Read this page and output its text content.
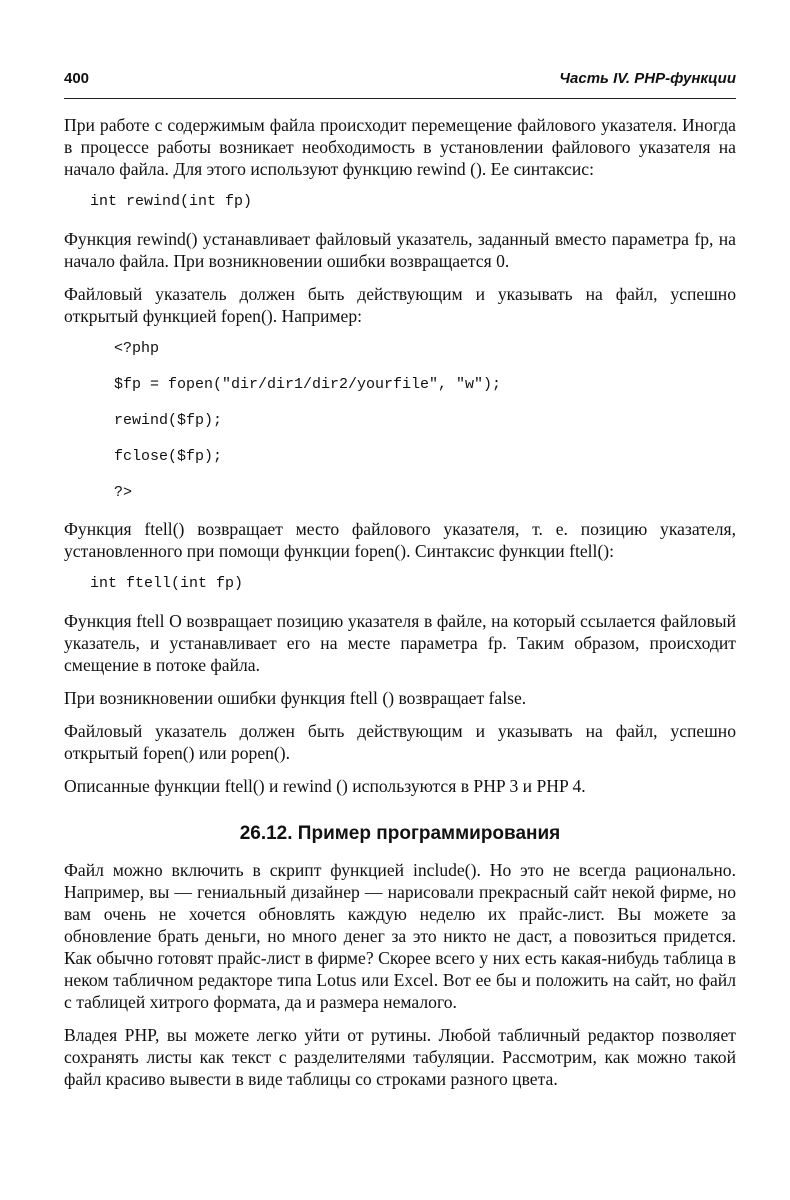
400	Часть IV. PHP-функции

При работе с содержимым файла происходит перемещение файлового указателя. Иногда в процессе работы возникает необходимость в установлении файлового указателя на начало файла. Для этого используют функцию rewind (). Ее синтаксис:

int rewind(int fp)

Функция rewind() устанавливает файловый указатель, заданный вместо параметра fp, на начало файла. При возникновении ошибки возвращается 0.

Файловый указатель должен быть действующим и указывать на файл, успешно открытый функцией fopen(). Например:

<?php
$fp = fopen("dir/dir1/dir2/yourfile", "w");
rewind($fp);
fclose($fp);
?>

Функция ftell() возвращает место файлового указателя, т. е. позицию указателя, установленного при помощи функции fopen(). Синтаксис функции ftell():

int ftell(int fp)

Функция ftell О возвращает позицию указателя в файле, на который ссылается файловый указатель, и устанавливает его на месте параметра fp. Таким образом, происходит смещение в потоке файла.

При возникновении ошибки функция ftell () возвращает false.

Файловый указатель должен быть действующим и указывать на файл, успешно открытый fopen() или popen().

Описанные функции ftell() и rewind () используются в PHP 3 и PHP 4.

26.12. Пример программирования

Файл можно включить в скрипт функцией include(). Но это не всегда рационально. Например, вы — гениальный дизайнер — нарисовали прекрасный сайт некой фирме, но вам очень не хочется обновлять каждую неделю их прайс-лист. Вы можете за обновление брать деньги, но много денег за это никто не даст, а повозиться придется. Как обычно готовят прайс-лист в фирме? Скорее всего у них есть какая-нибудь таблица в неком табличном редакторе типа Lotus или Excel. Вот ее бы и положить на сайт, но файл с таблицей хитрого формата, да и размера немалого.

Владея PHP, вы можете легко уйти от рутины. Любой табличный редактор позволяет сохранять листы как текст с разделителями табуляции. Рассмотрим, как можно такой файл красиво вывести в виде таблицы со строками разного цвета.
